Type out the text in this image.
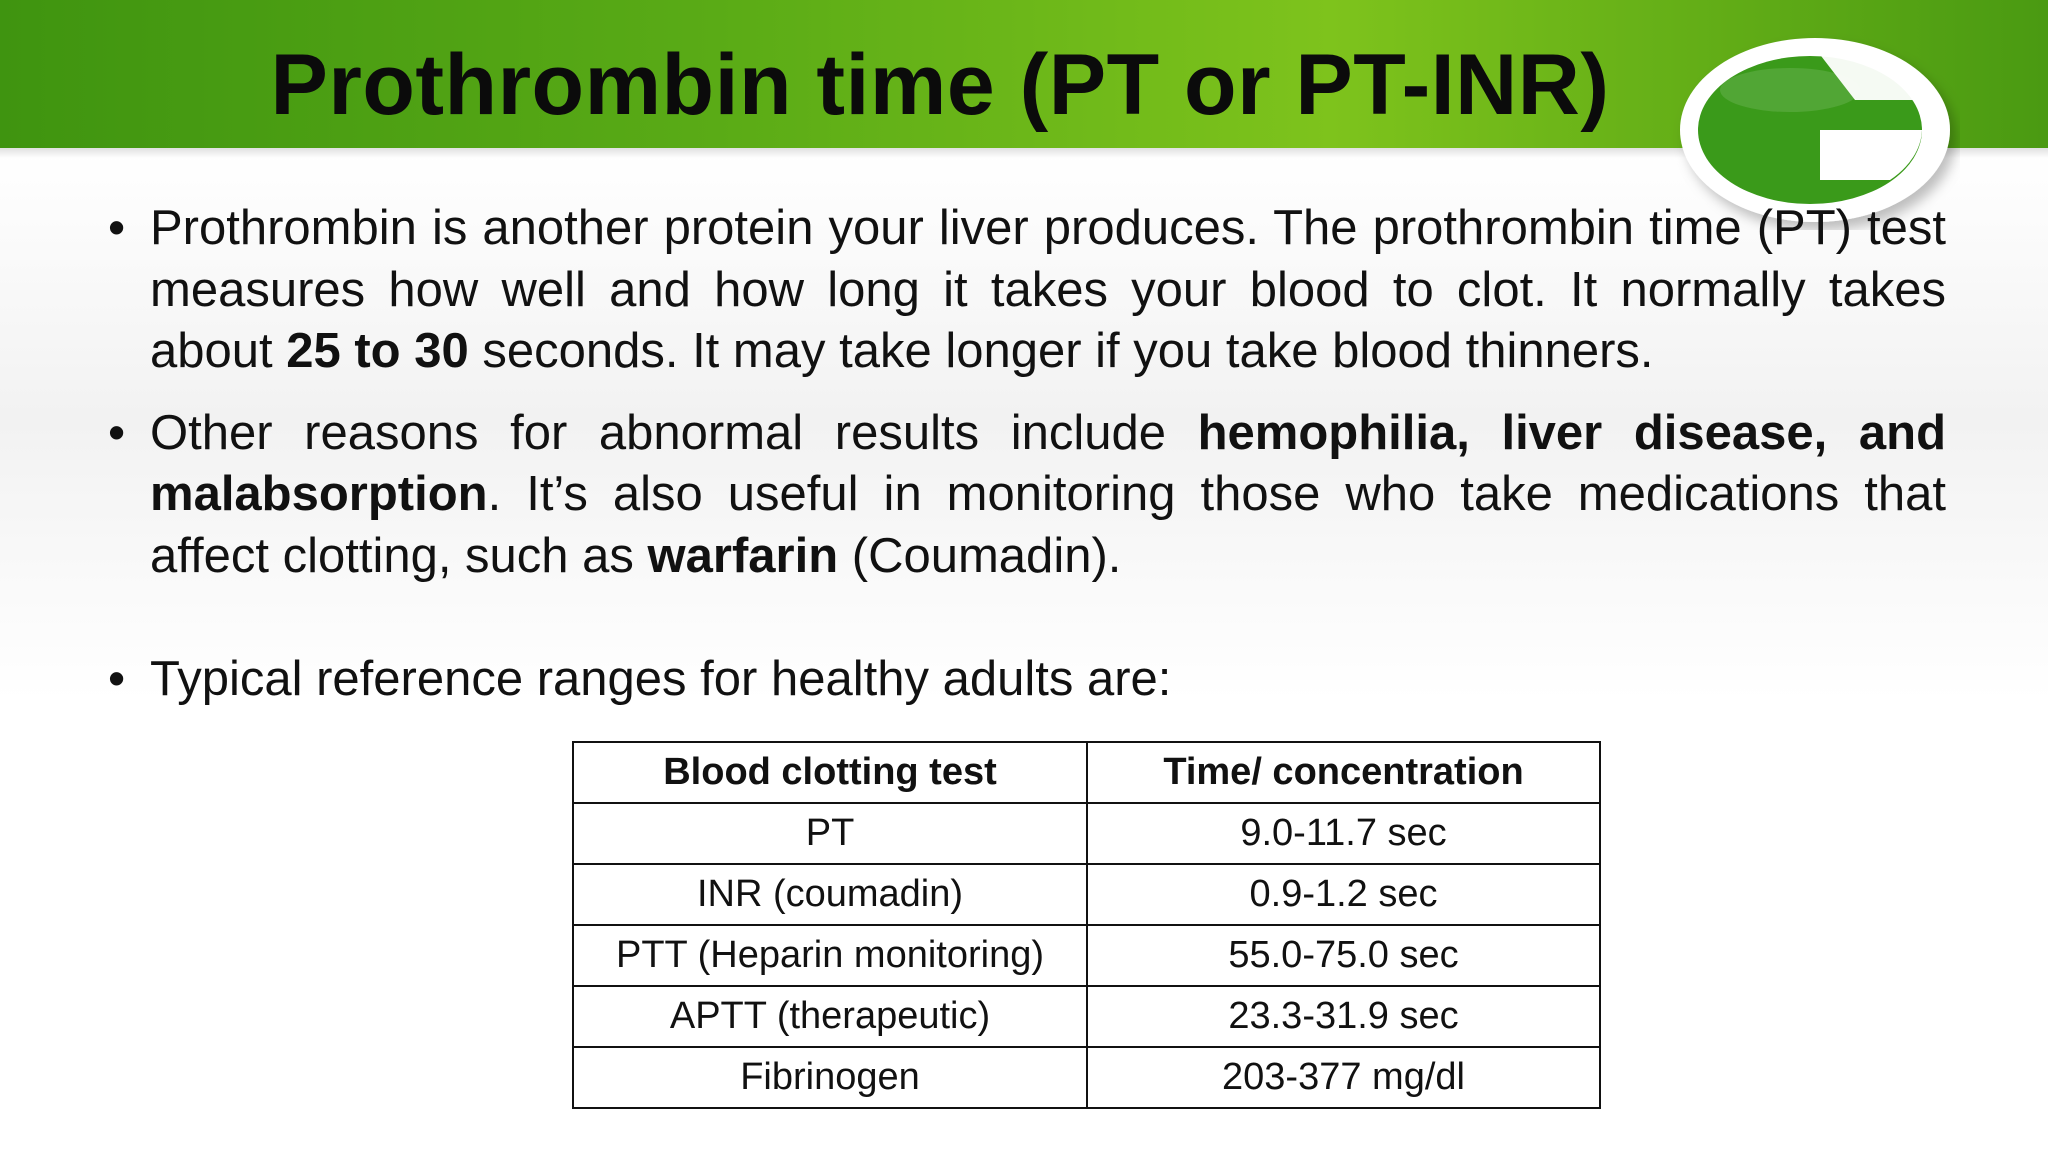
Prothrombin time (PT or PT-INR)

• Prothrombin is another protein your liver produces. The prothrombin time (PT) test measures how well and how long it takes your blood to clot. It normally takes about 25 to 30 seconds. It may take longer if you take blood thinners.

• Other reasons for abnormal results include hemophilia, liver disease, and malabsorption. It’s also useful in monitoring those who take medications that affect clotting, such as warfarin (Coumadin).

• Typical reference ranges for healthy adults are:

Blood clotting test	Time/ concentration
PT	9.0-11.7 sec
INR (coumadin)	0.9-1.2 sec
PTT (Heparin monitoring)	55.0-75.0 sec
APTT (therapeutic)	23.3-31.9 sec
Fibrinogen	203-377 mg/dl
